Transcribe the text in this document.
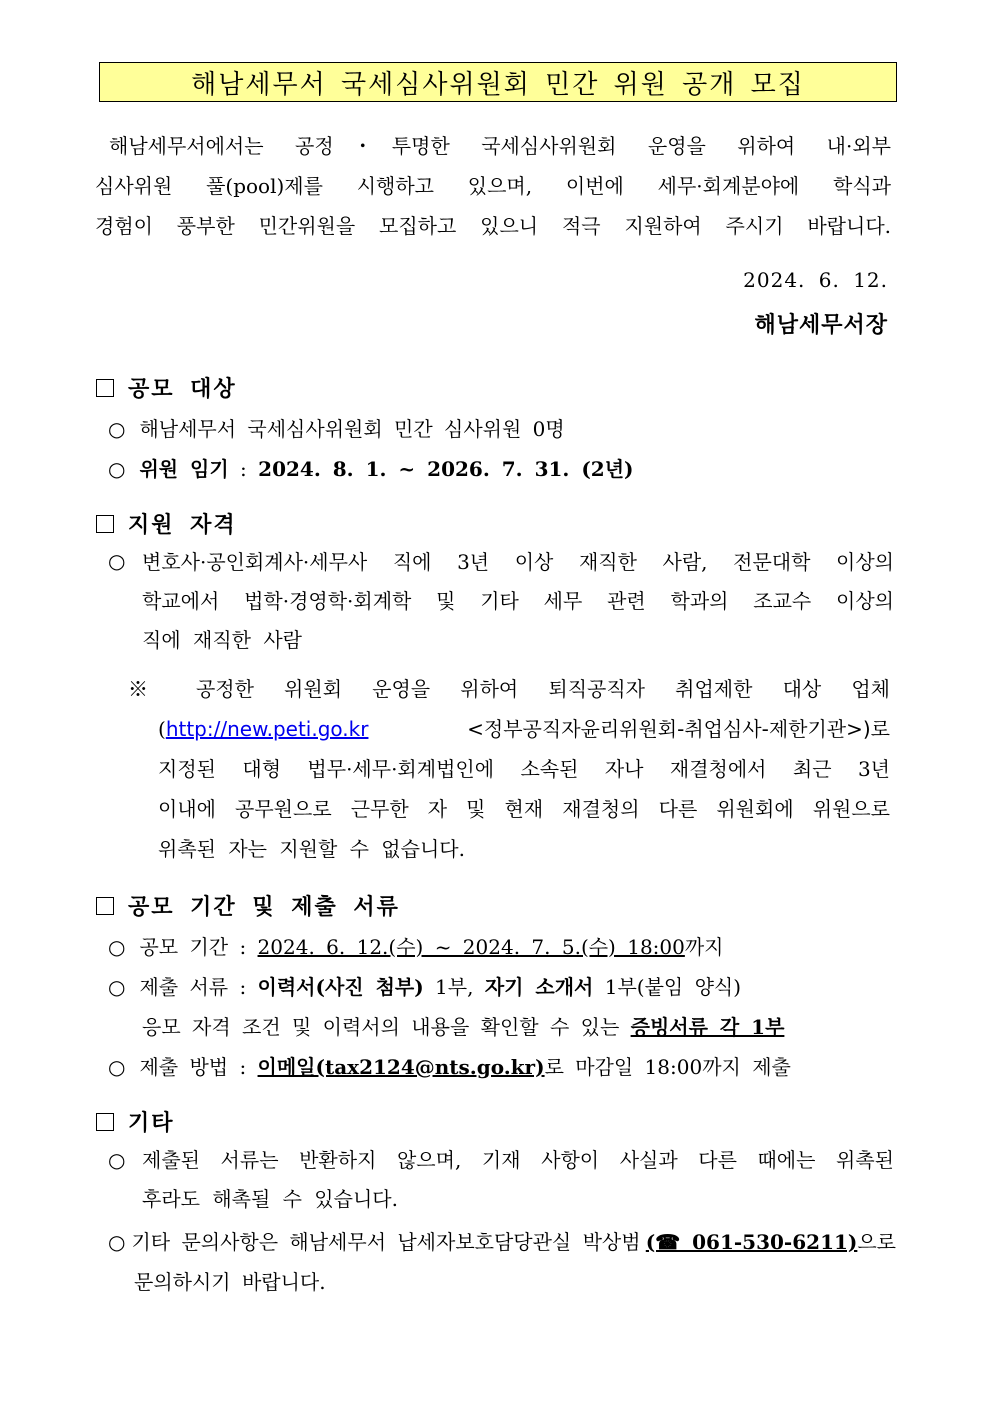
해남세무서 국세심사위원회 민간 위원 공개 모집
해남세무서에서는 공정・투명한 국세심사위원회 운영을 위하여 내·외부
심사위원 풀(pool)제를 시행하고 있으며, 이번에 세무·회계분야에 학식과
경험이 풍부한 민간위원을 모집하고 있으니 적극 지원하여 주시기 바랍니다.
2024. 6. 12.
해남세무서장
공모 대상
○ 해남세무서 국세심사위원회 민간 심사위원 0명
○ 위원 임기 : 2024. 8. 1. ~ 2026. 7. 31. (2년)
지원 자격
○ 변호사·공인회계사·세무사 직에 3년 이상 재직한 사람, 전문대학 이상의
학교에서 법학·경영학·회계학 및 기타 세무 관련 학과의 조교수 이상의
직에 재직한 사람
※ 공정한 위원회 운영을 위하여 퇴직공직자 취업제한 대상 업체
(http://new.peti.go.kr <정부공직자윤리위원회-취업심사-제한기관>)로
지정된 대형 법무·세무·회계법인에 소속된 자나 재결청에서 최근 3년
이내에 공무원으로 근무한 자 및 현재 재결청의 다른 위원회에 위원으로
위촉된 자는 지원할 수 없습니다.
공모 기간 및 제출 서류
○ 공모 기간 : 2024. 6. 12.(수) ~ 2024. 7. 5.(수) 18:00까지
○ 제출 서류 : 이력서(사진 첨부) 1부, 자기 소개서 1부(붙임 양식)
응모 자격 조건 및 이력서의 내용을 확인할 수 있는 증빙서류 각 1부
○ 제출 방법 : 이메일(tax2124@nts.go.kr)로 마감일 18:00까지 제출
기타
○ 제출된 서류는 반환하지 않으며, 기재 사항이 사실과 다른 때에는 위촉된
후라도 해촉될 수 있습니다.
○ 기타 문의사항은 해남세무서 납세자보호담당관실 박상범 (☎ 061-530-6211)으로
문의하시기 바랍니다.
